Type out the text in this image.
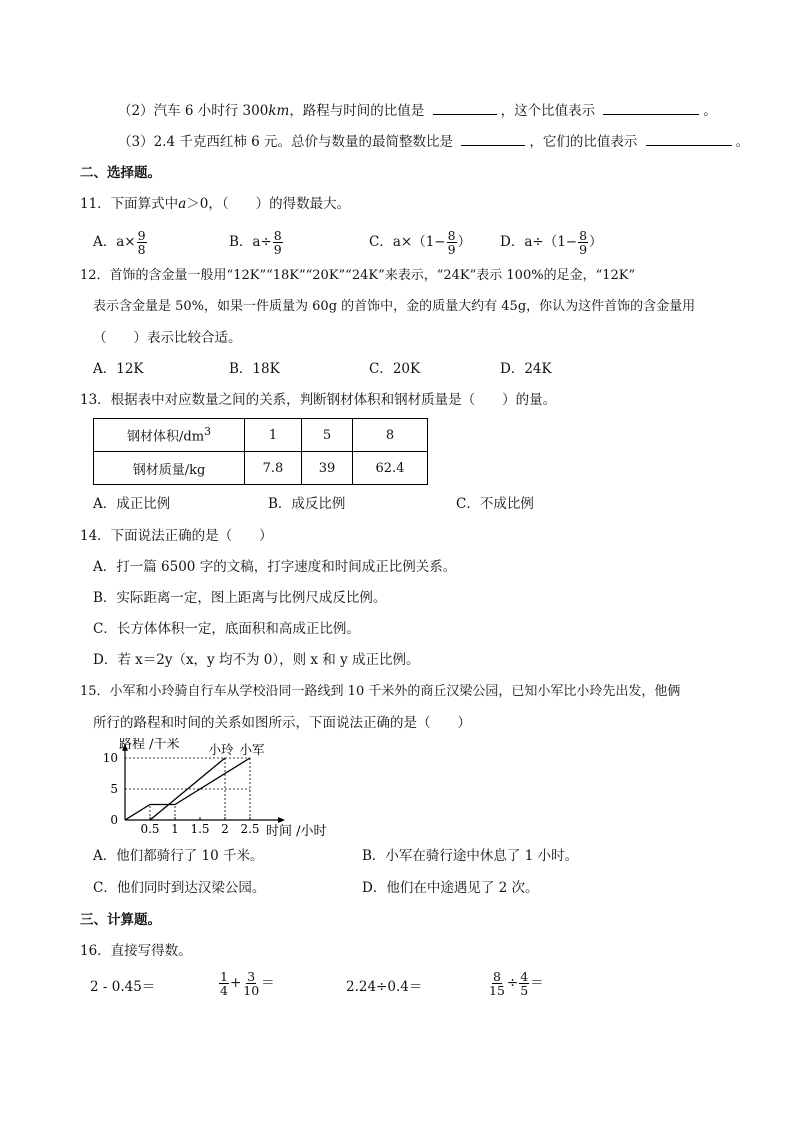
（2）汽车 6 小时行 300km，路程与时间的比值是	，这个比值表示	。
（3）2.4 千克西红柿 6 元。总价与数量的最简整数比是	，它们的比值表示	。
二、选择题。
11．下面算式中a＞0，（　　）的得数最大。
A．$a\times \frac{9}{8}$	B．$a\div \frac{8}{9}$	C．$a\times(1- \frac{8}{9}$ ） D．$a\div(1- \frac{8}{9}$ ）
12．首饰的含金量一般用“12K”“18K”“20K”“24K”来表示，“24K”表示 100%的足金，“12K”
表示含金量是 50%，如果一件质量为 60g 的首饰中，金的质量大约有 45g，你认为这件首饰的含金量用
（　　）表示比较合适。
A．12K	B．18K	C．20K	D．24K
13．根据表中对应数量之间的关系，判断钢材体积和钢材质量是（　　）的量。
钢材体积$/dm^3$	1	5	8
钢材质量/kg	7.8	39	62.4
A．成正比例	B．成反比例	C．不成比例
14．下面说法正确的是（　　）
A．打一篇 6500 字的文稿，打字速度和时间成正比例关系。
B．实际距离一定，图上距离与比例尺成反比例。
C．长方体体积一定，底面积和高成正比例。
D．若 x＝2y（x，y 均不为 0），则 x 和 y 成正比例。
15．小军和小玲骑自行车从学校沿同一路线到 10 千米外的商丘汉梁公园，已知小军比小玲先出发，他俩
所行的路程和时间的关系如图所示，下面说法正确的是（　　）
0
5
10
0.5 1 1.5 2 2.5
小玲 小军
路程 /千米
时间 /小时
A．他们都骑行了 10 千米。	B．小军在骑行途中休息了 1 小时。
C．他们同时到达汉梁公园。	D．他们在中途遇见了 2 次。
三、计算题。
16．直接写得数。
2 - 0.45＝	$\frac{1}{4} + \frac{3}{10}$ ＝	2.24÷0.4＝	$\frac{8}{15} \div \frac{4}{5}$ ＝
